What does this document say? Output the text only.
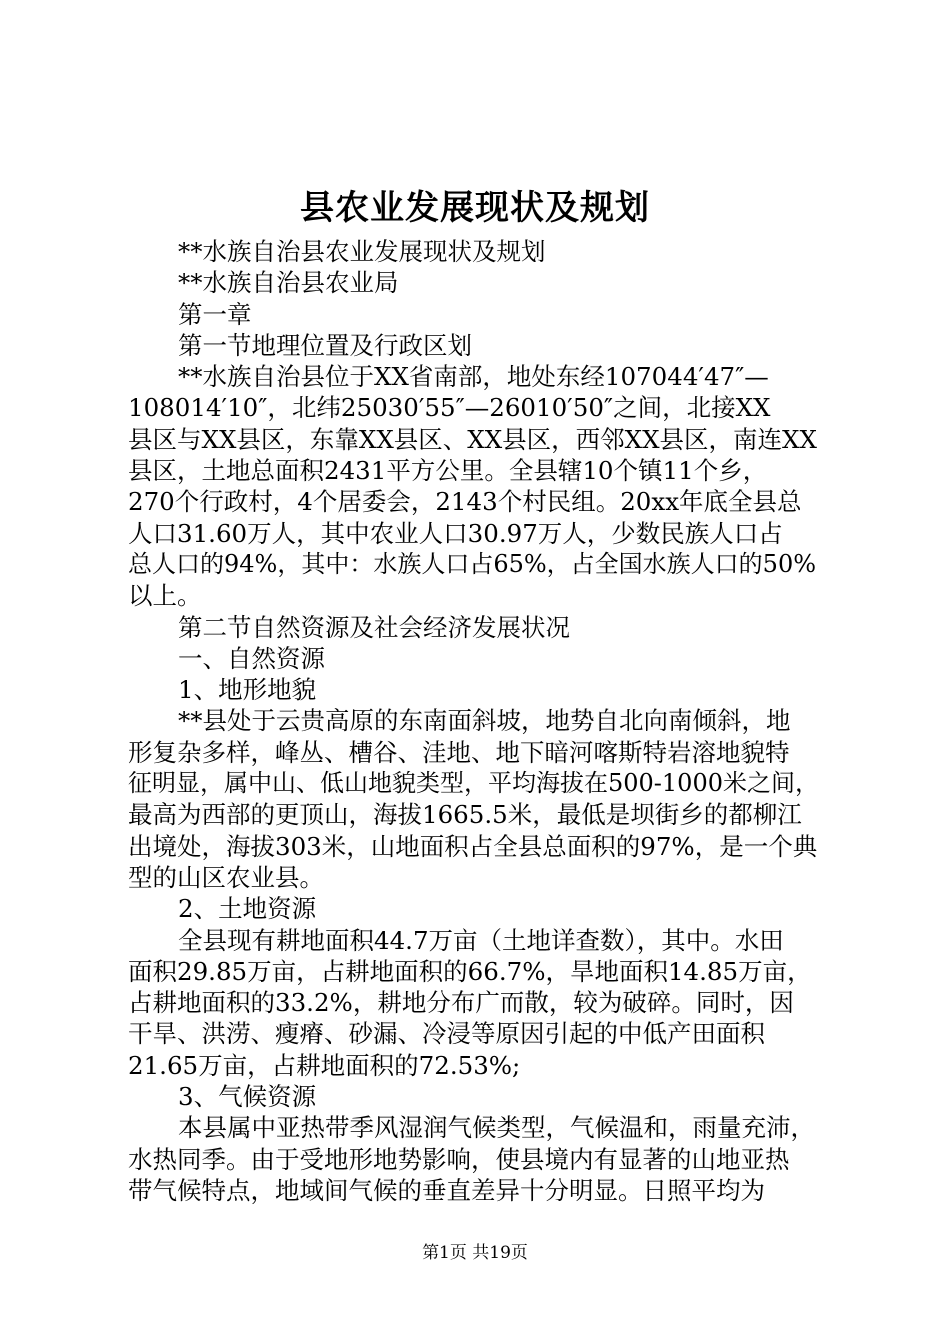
县农业发展现状及规划
**水族自治县农业发展现状及规划
**水族自治县农业局
第一章
第一节地理位置及行政区划
**水族自治县位于XX省南部，地处东经107044′47″—
108014′10″，北纬25030′55″—26010′50″之间，北接XX
县区与XX县区，东靠XX县区、XX县区，西邻XX县区，南连XX
县区，土地总面积2431平方公里。全县辖10个镇11个乡，
270个行政村，4个居委会，2143个村民组。20xx年底全县总
人口31.60万人，其中农业人口30.97万人，少数民族人口占
总人口的94%，其中：水族人口占65%，占全国水族人口的50%
以上。
第二节自然资源及社会经济发展状况
一、自然资源
1、地形地貌
**县处于云贵高原的东南面斜坡，地势自北向南倾斜，地
形复杂多样，峰丛、槽谷、洼地、地下暗河喀斯特岩溶地貌特
征明显，属中山、低山地貌类型，平均海拔在500-1000米之间，
最高为西部的更顶山，海拔1665.5米，最低是坝街乡的都柳江
出境处，海拔303米，山地面积占全县总面积的97%，是一个典
型的山区农业县。
2、土地资源
全县现有耕地面积44.7万亩（土地详查数），其中。水田
面积29.85万亩，占耕地面积的66.7%，旱地面积14.85万亩，
占耕地面积的33.2%，耕地分布广而散，较为破碎。同时，因
干旱、洪涝、瘦瘠、砂漏、冷浸等原因引起的中低产田面积
21.65万亩，占耕地面积的72.53%;
3、气候资源
本县属中亚热带季风湿润气候类型，气候温和，雨量充沛，
水热同季。由于受地形地势影响，使县境内有显著的山地亚热
带气候特点，地域间气候的垂直差异十分明显。日照平均为
第1页 共19页
